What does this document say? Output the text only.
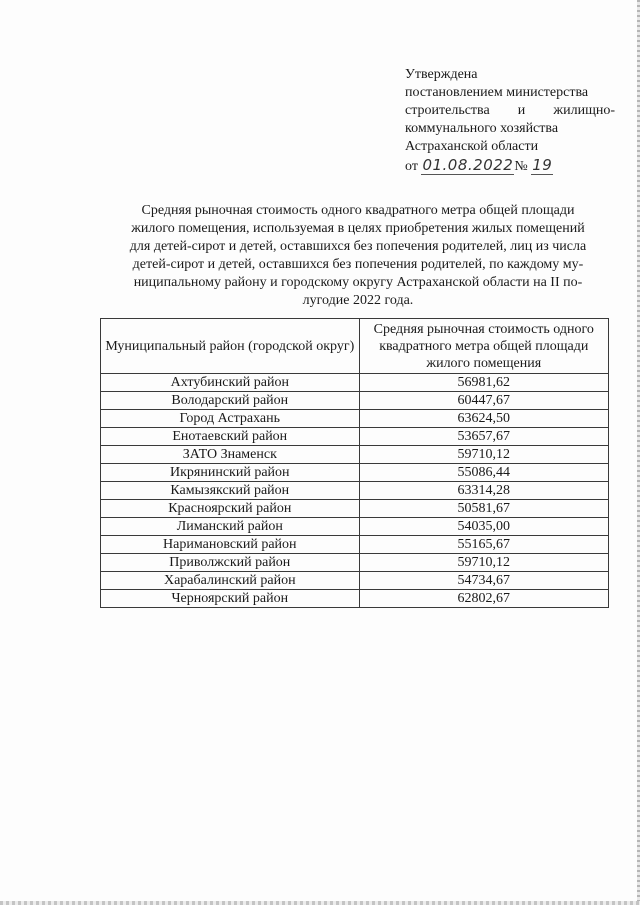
Утверждена
постановлением министерства
строительства и жилищно-
коммунального хозяйства
Астраханской области
от 01.08.2022№ 19
Средняя рыночная стоимость одного квадратного метра общей площади
жилого помещения, используемая в целях приобретения жилых помещений
для детей-сирот и детей, оставшихся без попечения родителей, лиц из числа
детей-сирот и детей, оставшихся без попечения родителей, по каждому му-
ниципальному району и городскому округу Астраханской области на II по-
лугодие 2022 года.
Муниципальный район (городской округ)	Средняя рыночная стоимость одного квадратного метра общей площади жилого помещения
Ахтубинский район	56981,62
Володарский район	60447,67
Город Астрахань	63624,50
Енотаевский район	53657,67
ЗАТО Знаменск	59710,12
Икрянинский район	55086,44
Камызякский район	63314,28
Красноярский район	50581,67
Лиманский район	54035,00
Наримановский район	55165,67
Приволжский район	59710,12
Харабалинский район	54734,67
Черноярский район	62802,67
